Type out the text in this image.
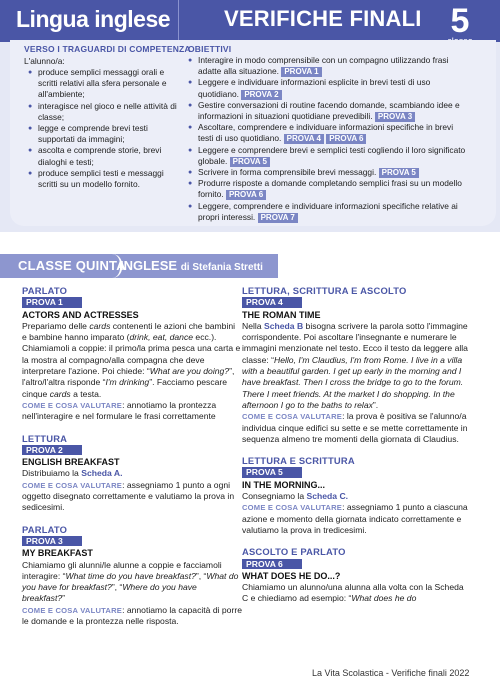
Lingua inglese VERIFICHE FINALI 5
VERSO I TRAGUARDI DI COMPETENZA
L'alunno/a:
● produce semplici messaggi orali e scritti relativi alla sfera personale e all'ambiente;
● interagisce nel gioco e nelle attività di classe;
● legge e comprende brevi testi supportati da immagini;
● ascolta e comprende storie, brevi dialoghi e testi;
● produce semplici testi e messaggi scritti su un modello fornito.
OBIETTIVI
● Interagire in modo comprensibile con un compagno utilizzando frasi adatte alla situazione. PROVA 1
● Leggere e individuare informazioni esplicite in brevi testi di uso quotidiano. PROVA 2
● Gestire conversazioni di routine facendo domande, scambiando idee e informazioni in situazioni quotidiane prevedibili. PROVA 3
● Ascoltare, comprendere e individuare informazioni specifiche in brevi testi di uso quotidiano. PROVA 4 PROVA 6
● Leggere e comprendere brevi e semplici testi cogliendo il loro significato globale. PROVA 5
● Scrivere in forma comprensibile brevi messaggi. PROVA 5
● Produrre risposte a domande completando semplici frasi su un modello fornito. PROVA 6
● Leggere, comprendere e individuare informazioni specifiche relative ai propri interessi. PROVA 7
CLASSE QUINTA
INGLESE di Stefania Stretti
PARLATO
PROVA 1
ACTORS AND ACTRESSES

Prepariamo delle cards contenenti le azioni che bambini e bambine hanno imparato (drink, eat, dance ecc.). Chiamiamoli a coppie: il primo/la prima pesca una carta e la mostra al compagno/alla compagna che deve interpretare l'azione. Poi chiede: “What are you doing?”, l'altro/l'altra risponde “I'm drinking”. Facciamo pescare cinque cards a testa.

COME E COSA VALUTARE: annotiamo la prontezza nell'interagire e nel formulare le frasi correttamente

LETTURA
PROVA 2
ENGLISH BREAKFAST

Distribuiamo la Scheda A.

COME E COSA VALUTARE: assegniamo 1 punto a ogni oggetto disegnato correttamente e valutiamo la prova in sedicesimi.

PARLATO
PROVA 3
MY BREAKFAST

Chiamiamo gli alunni/le alunne a coppie e facciamoli interagire: “What time do you have breakfast?”, “What do you have for breakfast?”, “Where do you have breakfast?”

COME E COSA VALUTARE: annotiamo la capacità di porre le domande e la prontezza nelle risposta.

LETTURA, SCRITTURA E ASCOLTO
PROVA 4
THE ROMAN TIME

Nella Scheda B bisogna scrivere la parola sotto l'immagine corrispondente. Poi ascoltare l'insegnante e numerare le immagini menzionate nel testo. Ecco il testo da leggere alla classe: “Hello, I'm Claudius, I'm from Rome. I live in a villa with a beautiful garden. I get up early in the morning and I have breakfast. Then I cross the bridge to go to the forum. There I meet friends. At the market I do shopping. In the afternoon I go to the baths to relax”.

COME E COSA VALUTARE: la prova è positiva se l'alunno/a individua cinque edifici su sette e se mette correttamente in sequenza almeno tre momenti della giornata di Claudius.

LETTURA E SCRITTURA
PROVA 5
IN THE MORNING...

Consegniamo la Scheda C.

COME E COSA VALUTARE: assegniamo 1 punto a ciascuna azione e momento della giornata indicato correttamente e valutiamo la prova in tredicesimi.

ASCOLTO E PARLATO
PROVA 6
WHAT DOES HE DO...?

Chiamiamo un alunno/una alunna alla volta con la Scheda C e chiediamo ad esempio: “What does he do

La Vita Scolastica - Verifiche finali 2022
